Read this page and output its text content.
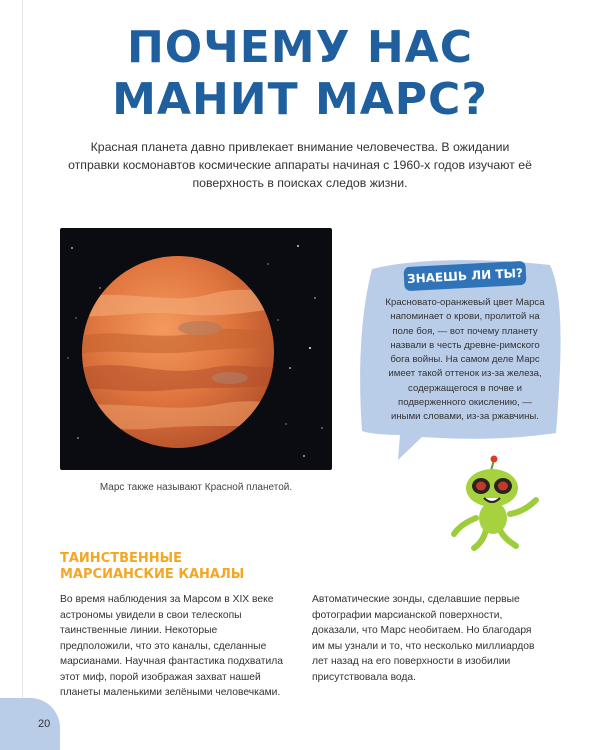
ПОЧЕМУ НАС МАНИТ МАРС?

Красная планета давно привлекает внимание человечества. В ожидании отправки космонавтов космические аппараты начиная с 1960-х годов изучают её поверхность в поисках следов жизни.

Марс также называют Красной планетой.

ЗНАЕШЬ ЛИ ТЫ?

Красновато-оранжевый цвет Марса напоминает о крови, пролитой на поле боя, — вот почему планету назвали в честь древне-римского бога войны. На самом деле Марс имеет такой оттенок из-за железа, содержащегося в почве и подверженного окислению, — иными словами, из-за ржавчины.

ТАИНСТВЕННЫЕ
МАРСИАНСКИЕ КАНАЛЫ

Во время наблюдения за Марсом в XIX веке астрономы увидели в свои телескопы таинственные линии. Некоторые предположили, что это каналы, сделанные марсианами. Научная фантастика подхватила этот миф, порой изображая захват нашей планеты маленькими зелёными человечками.

Автоматические зонды, сделавшие первые фотографии марсианской поверхности, доказали, что Марс необитаем. Но благодаря им мы узнали и то, что несколько миллиардов лет назад на его поверхности в изобилии присутствовала вода.

20
